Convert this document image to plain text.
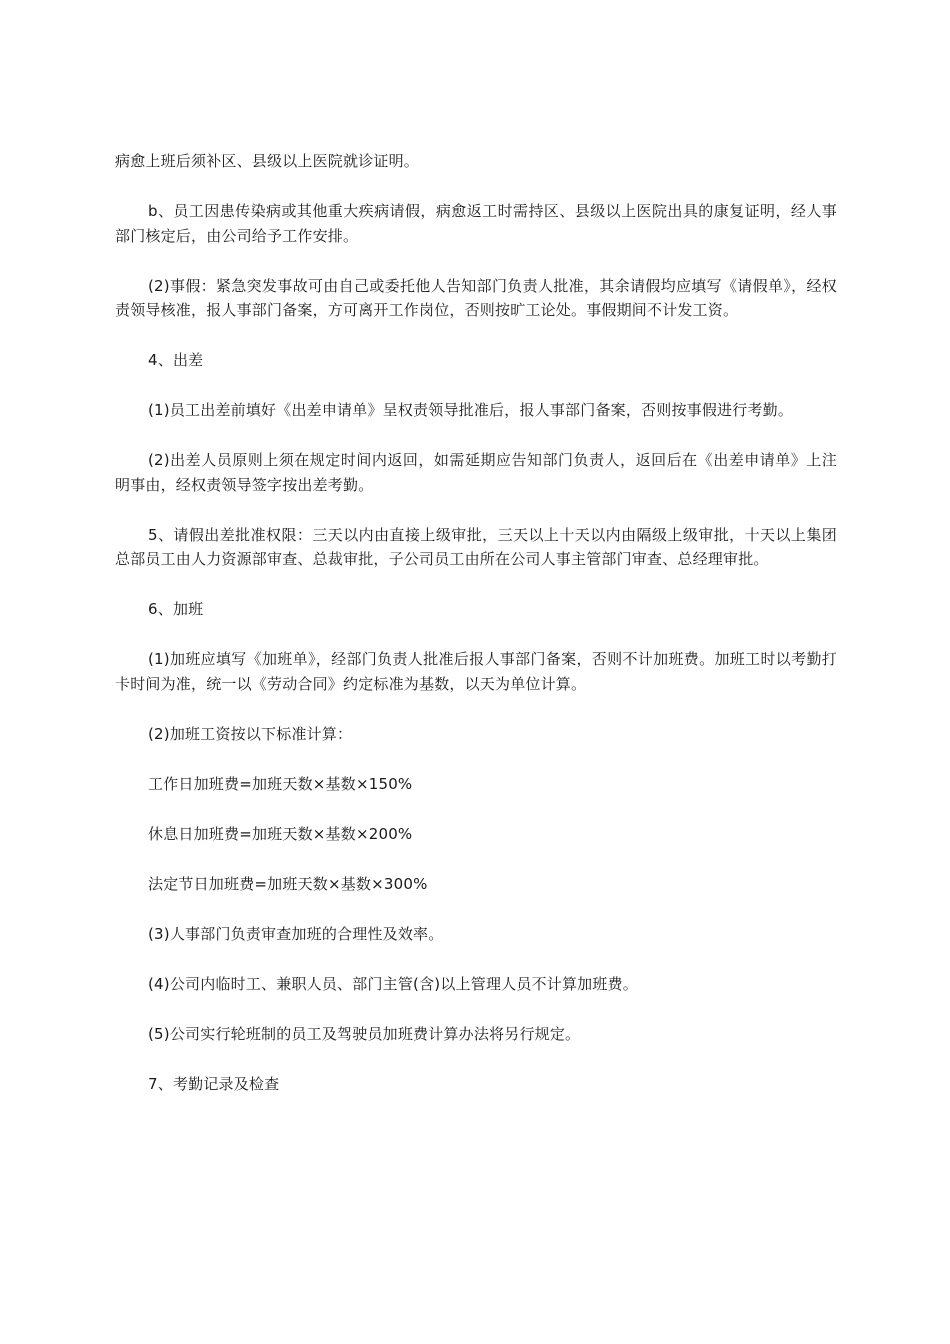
病愈上班后须补区、县级以上医院就诊证明。

b、员工因患传染病或其他重大疾病请假，病愈返工时需持区、县级以上医院出具的康复证明，经人事部门核定后，由公司给予工作安排。

(2)事假：紧急突发事故可由自己或委托他人告知部门负责人批准，其余请假均应填写《请假单》，经权责领导核准，报人事部门备案，方可离开工作岗位，否则按旷工论处。事假期间不计发工资。

4、出差

(1)员工出差前填好《出差申请单》呈权责领导批准后，报人事部门备案，否则按事假进行考勤。

(2)出差人员原则上须在规定时间内返回，如需延期应告知部门负责人，返回后在《出差申请单》上注明事由，经权责领导签字按出差考勤。

5、请假出差批准权限：三天以内由直接上级审批，三天以上十天以内由隔级上级审批，十天以上集团总部员工由人力资源部审查、总裁审批，子公司员工由所在公司人事主管部门审查、总经理审批。

6、加班

(1)加班应填写《加班单》，经部门负责人批准后报人事部门备案，否则不计加班费。加班工时以考勤打卡时间为准，统一以《劳动合同》约定标准为基数，以天为单位计算。

(2)加班工资按以下标准计算：

工作日加班费=加班天数×基数×150%

休息日加班费=加班天数×基数×200%

法定节日加班费=加班天数×基数×300%

(3)人事部门负责审查加班的合理性及效率。

(4)公司内临时工、兼职人员、部门主管(含)以上管理人员不计算加班费。

(5)公司实行轮班制的员工及驾驶员加班费计算办法将另行规定。

7、考勤记录及检查
